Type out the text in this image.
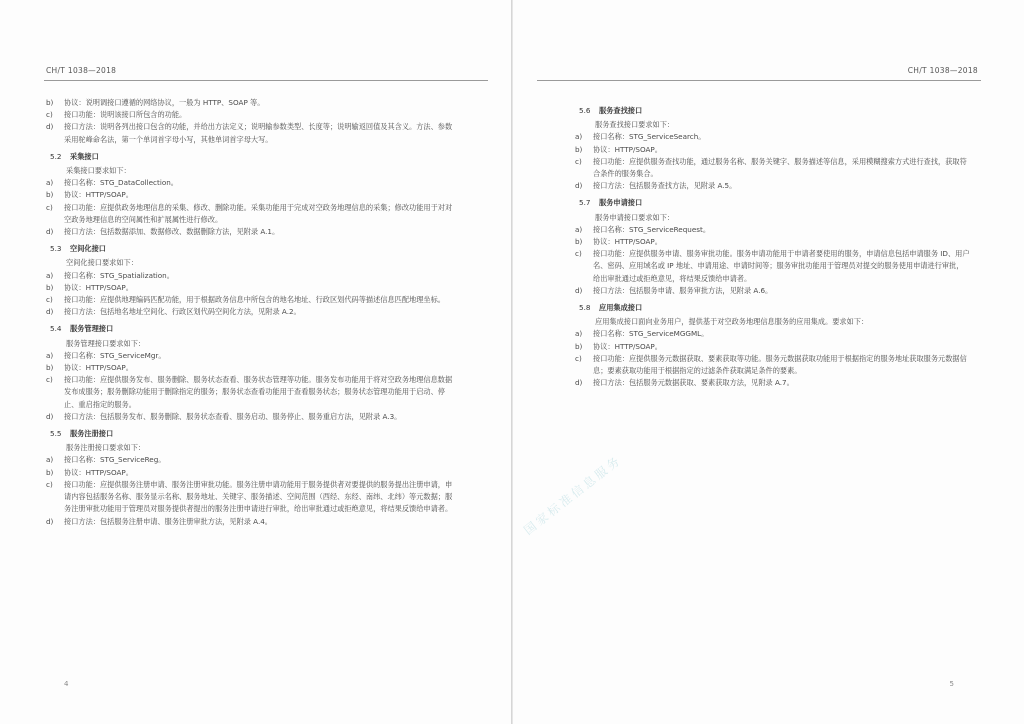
CH/T 1038—2018
b)	协议：说明调接口遵循的网络协议，一般为 HTTP、SOAP 等。
c)	接口功能：说明该接口所包含的功能。
d)	接口方法：说明各列出接口包含的功能，并给出方法定义；说明输参数类型、长度等；说明输返回值及其含义。方法、参数采用驼峰命名法，第一个单词首字母小写，其他单词首字母大写。
5.2 采集接口
采集接口要求如下：
a)	接口名称：STG_DataCollection。
b)	协议：HTTP/SOAP。
c)	接口功能：应提供政务地理信息的采集、修改、删除功能。采集功能用于完成对空政务地理信息的采集；修改功能用于对对空政务地理信息的空间属性和扩展属性进行修改。
d)	接口方法：包括数据添加、数据修改、数据删除方法，见附录 A.1。
5.3 空间化接口
空间化接口要求如下：
a)	接口名称：STG_Spatialization。
b)	协议：HTTP/SOAP。
c)	接口功能：应提供地理编码匹配功能，用于根据政务信息中所包含的地名地址、行政区划代码等描述信息匹配地理坐标。
d)	接口方法：包括地名地址空间化、行政区划代码空间化方法，见附录 A.2。
5.4 服务管理接口
服务管理接口要求如下：
a)	接口名称：STG_ServiceMgr。
b)	协议：HTTP/SOAP。
c)	接口功能：应提供服务发布、服务删除、服务状态查看、服务状态管理等功能。服务发布功能用于将对空政务地理信息数据发布成服务；服务删除功能用于删除指定的服务；服务状态查看功能用于查看服务状态；服务状态管理功能用于启动、停止、重启指定的服务。
d)	接口方法：包括服务发布、服务删除、服务状态查看、服务启动、服务停止、服务重启方法，见附录 A.3。
5.5 服务注册接口
服务注册接口要求如下：
a)	接口名称：STG_ServiceReg。
b)	协议：HTTP/SOAP。
c)	接口功能：应提供服务注册申请、服务注册审批功能。服务注册申请功能用于服务提供者对要提供的服务提出注册申请，申请内容包括服务名称、服务显示名称、服务地址、关键字、服务描述、空间范围（西经、东经、南纬、北纬）等元数据；服务注册审批功能用于管理员对服务提供者提出的服务注册申请进行审批，给出审批通过或拒绝意见，将结果反馈给申请者。
d)	接口方法：包括服务注册申请、服务注册审批方法，见附录 A.4。
4
CH/T 1038—2018
5.6 服务查找接口
服务查找接口要求如下：
a)	接口名称：STG_ServiceSearch。
b)	协议：HTTP/SOAP。
c)	接口功能：应提供服务查找功能，通过服务名称、服务关键字、服务描述等信息，采用模糊搜索方式进行查找，获取符合条件的服务集合。
d)	接口方法：包括服务查找方法，见附录 A.5。
5.7 服务申请接口
服务申请接口要求如下：
a)	接口名称：STG_ServiceRequest。
b)	协议：HTTP/SOAP。
c)	接口功能：应提供服务申请、服务审批功能。服务申请功能用于申请者要使用的服务，申请信息包括申请服务 ID、用户名、密码、应用域名或 IP 地址、申请用途、申请时间等；服务审批功能用于管理员对提交的服务使用申请进行审批，给出审批通过或拒绝意见，将结果反馈给申请者。
d)	接口方法：包括服务申请、服务审批方法，见附录 A.6。
5.8 应用集成接口
应用集成接口面向业务用户，提供基于对空政务地理信息服务的应用集成。要求如下：
a)	接口名称：STG_ServiceMGGML。
b)	协议：HTTP/SOAP。
c)	接口功能：应提供服务元数据获取、要素获取等功能。服务元数据获取功能用于根据指定的服务地址获取服务元数据信息；要素获取功能用于根据指定的过滤条件获取满足条件的要素。
d)	接口方法：包括服务元数据获取、要素获取方法，见附录 A.7。
5
国家标准信息服务
